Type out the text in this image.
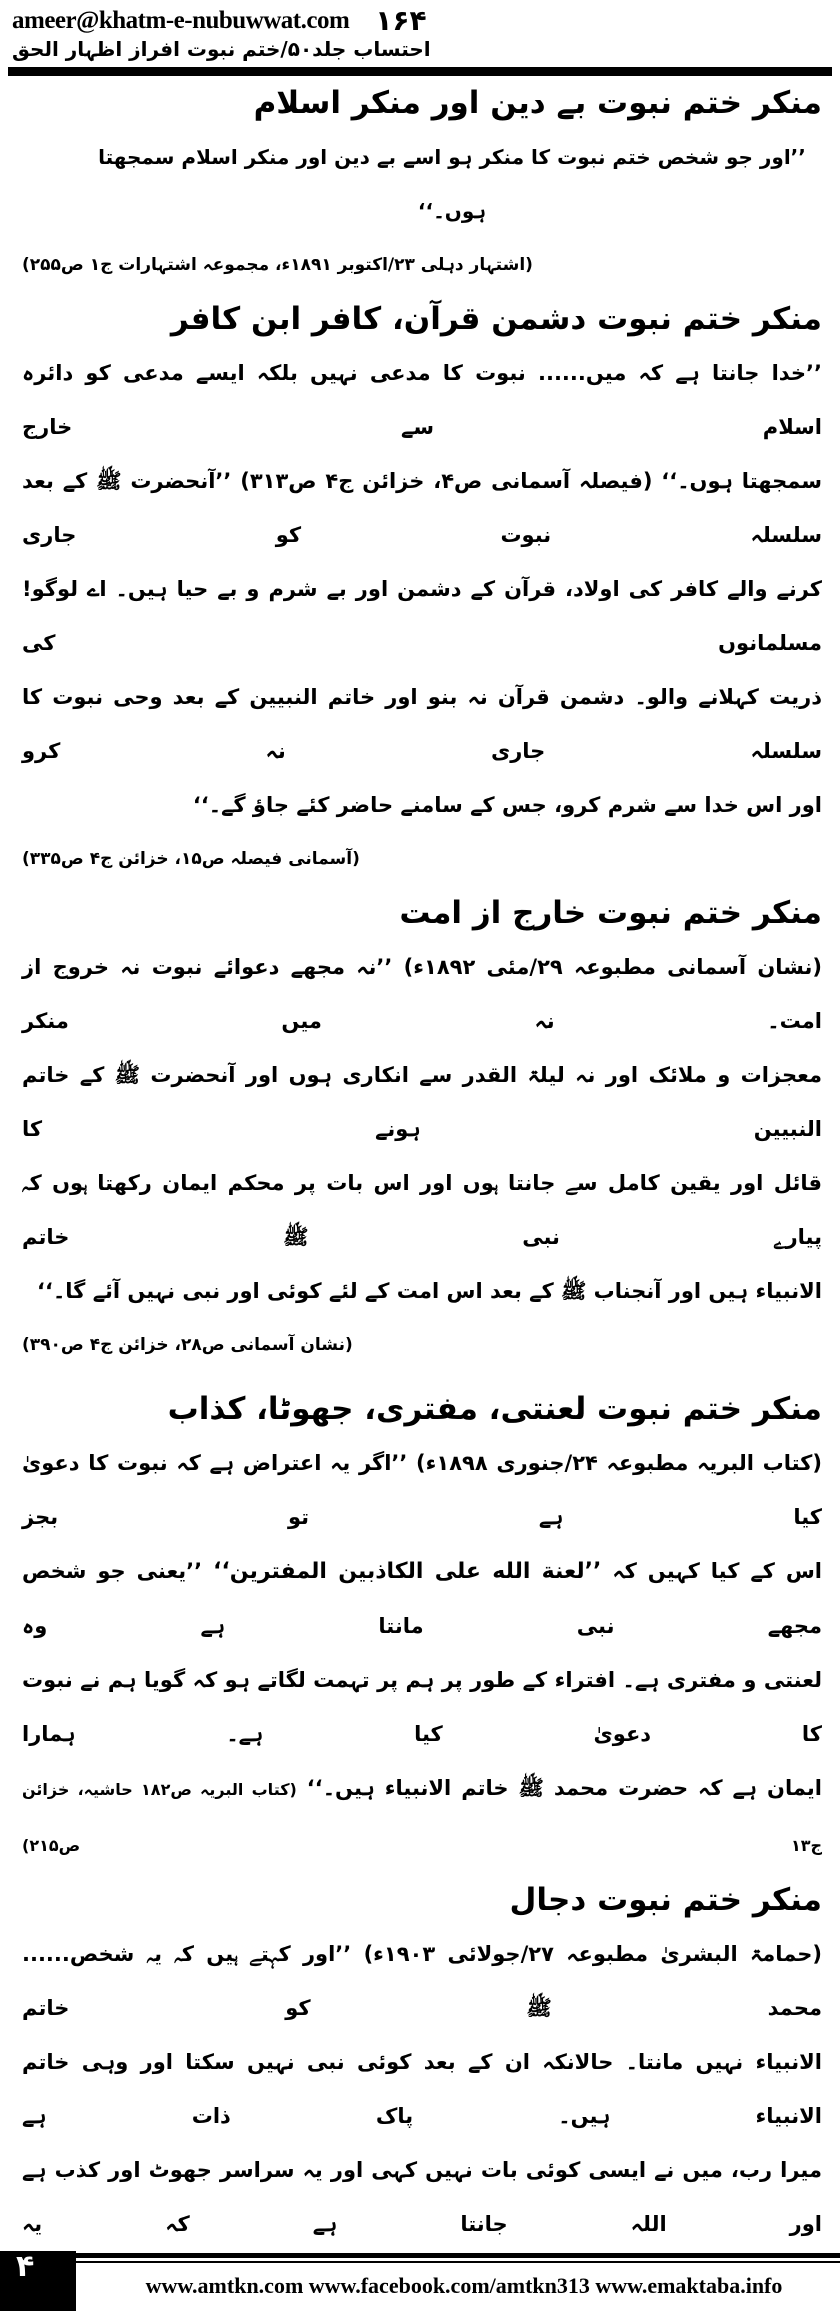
ameer@khatm-e-nubuwwat.com ۱۶۴
احتساب جلد۵۰/ختم نبوت افراز اظہار الحق
منکر ختم نبوت بے دین اور منکر اسلام
’’اور جو شخص ختم نبوت کا منکر ہو اسے بے دین اور منکر اسلام سمجھتا ہوں۔‘‘
(اشتہار دہلی ۲۳/اکتوبر ۱۸۹۱ء، مجموعہ اشتہارات ج۱ ص۲۵۵)
منکر ختم نبوت دشمن قرآن، کافر ابن کافر
’’خدا جانتا ہے کہ میں...... نبوت کا مدعی نہیں بلکہ ایسے مدعی کو دائرہ اسلام سے خارج
سمجھتا ہوں۔‘‘ (فیصلہ آسمانی ص۴، خزائن ج۴ ص۳۱۳) ’’آنحضرت ﷺ کے بعد سلسلہ نبوت کو جاری
کرنے والے کافر کی اولاد، قرآن کے دشمن اور بے شرم و بے حیا ہیں۔ اے لوگو! مسلمانوں کی
ذریت کہلانے والو۔ دشمن قرآن نہ بنو اور خاتم النبیین کے بعد وحی نبوت کا سلسلہ جاری نہ کرو
اور اس خدا سے شرم کرو، جس کے سامنے حاضر کئے جاؤ گے۔‘‘
(آسمانی فیصلہ ص۱۵، خزائن ج۴ ص۳۳۵)
منکر ختم نبوت خارج از امت
(نشان آسمانی مطبوعہ ۲۹/مئی ۱۸۹۲ء) ’’نہ مجھے دعوائے نبوت نہ خروج از امت۔ نہ میں منکر
معجزات و ملائک اور نہ لیلۃ القدر سے انکاری ہوں اور آنحضرت ﷺ کے خاتم النبیین ہونے کا
قائل اور یقین کامل سے جانتا ہوں اور اس بات پر محکم ایمان رکھتا ہوں کہ پیارے نبی ﷺ خاتم
الانبیاء ہیں اور آنجناب ﷺ کے بعد اس امت کے لئے کوئی اور نبی نہیں آئے گا۔‘‘
(نشان آسمانی ص۲۸، خزائن ج۴ ص۳۹۰)
منکر ختم نبوت لعنتی، مفتری، جھوٹا، کذاب
(کتاب البریہ مطبوعہ ۲۴/جنوری ۱۸۹۸ء) ’’اگر یہ اعتراض ہے کہ نبوت کا دعویٰ کیا ہے تو بجز
اس کے کیا کہیں کہ ’’لعنة الله على الكاذبين المفترين‘‘ ’’یعنی جو شخص مجھے نبی مانتا ہے وہ
لعنتی و مفتری ہے۔ افتراء کے طور پر ہم پر تہمت لگاتے ہو کہ گویا ہم نے نبوت کا دعویٰ کیا ہے۔ ہمارا
ایمان ہے کہ حضرت محمد ﷺ خاتم الانبیاء ہیں۔‘‘ (کتاب البریہ ص۱۸۲ حاشیہ، خزائن ج۱۳ ص۲۱۵)
منکر ختم نبوت دجال
(حمامۃ البشریٰ مطبوعہ ۲۷/جولائی ۱۹۰۳ء) ’’اور کہتے ہیں کہ یہ شخص...... محمد ﷺ کو خاتم
الانبیاء نہیں مانتا۔ حالانکہ ان کے بعد کوئی نبی نہیں سکتا اور وہی خاتم الانبیاء ہیں۔ پاک ذات ہے
میرا رب، میں نے ایسی کوئی بات نہیں کہی اور یہ سراسر جھوٹ اور کذب ہے اور اللہ جانتا ہے کہ یہ
۴
www.amtkn.com www.facebook.com/amtkn313 www.emaktaba.info
